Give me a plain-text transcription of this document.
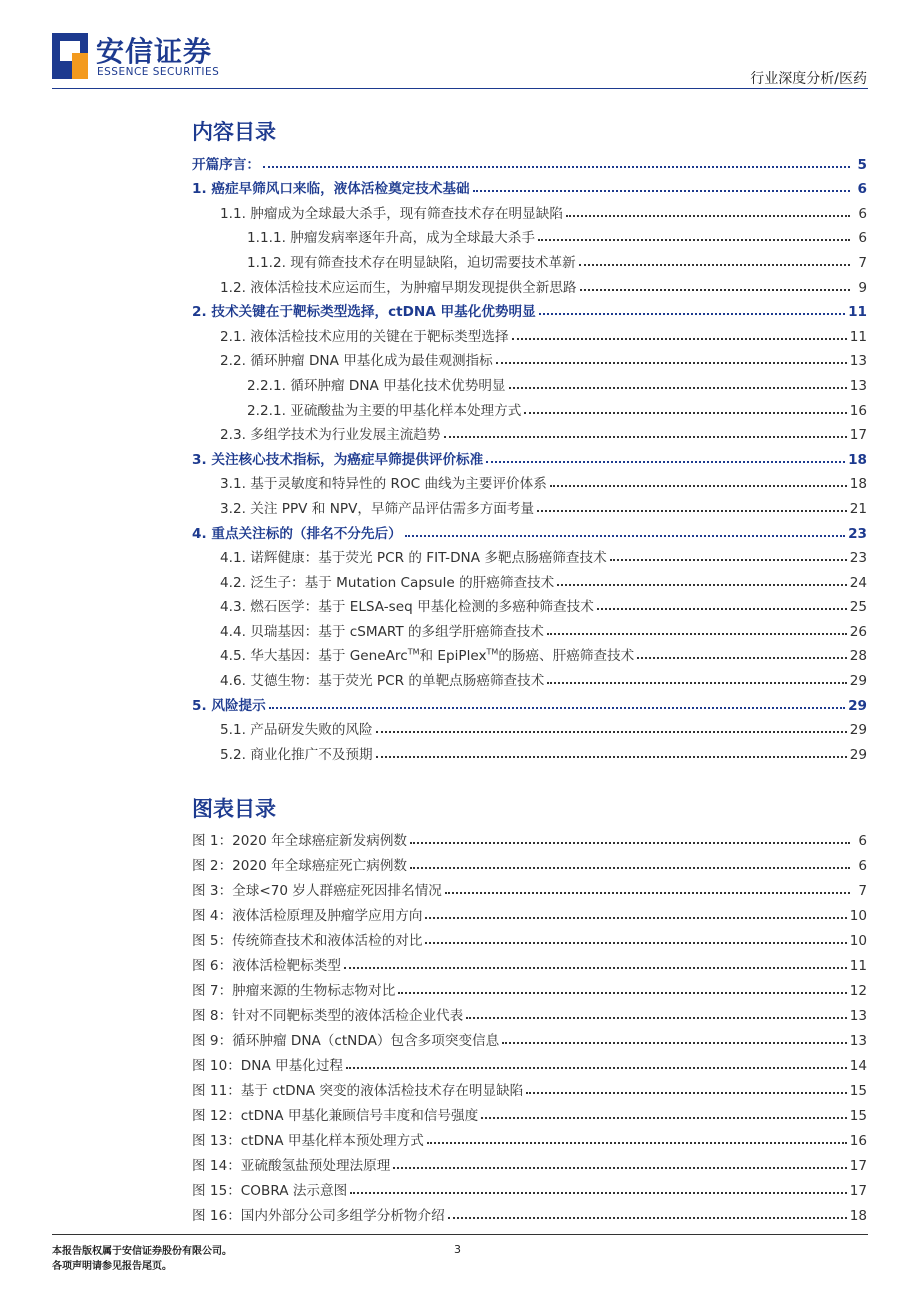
安信证券
ESSENCE SECURITIES	行业深度分析/医药
内容目录
开篇序言：	5
1. 癌症早筛风口来临，液体活检奠定技术基础	6
1.1. 肿瘤成为全球最大杀手，现有筛查技术存在明显缺陷	6
1.1.1. 肿瘤发病率逐年升高，成为全球最大杀手	6
1.1.2. 现有筛查技术存在明显缺陷，迫切需要技术革新	7
1.2. 液体活检技术应运而生，为肿瘤早期发现提供全新思路	9
2. 技术关键在于靶标类型选择，ctDNA 甲基化优势明显	11
2.1. 液体活检技术应用的关键在于靶标类型选择	11
2.2. 循环肿瘤 DNA 甲基化成为最佳观测指标	13
2.2.1. 循环肿瘤 DNA 甲基化技术优势明显	13
2.2.1. 亚硫酸盐为主要的甲基化样本处理方式	16
2.3. 多组学技术为行业发展主流趋势	17
3. 关注核心技术指标，为癌症早筛提供评价标准	18
3.1. 基于灵敏度和特异性的 ROC 曲线为主要评价体系	18
3.2. 关注 PPV 和 NPV，早筛产品评估需多方面考量	21
4. 重点关注标的（排名不分先后）	23
4.1. 诺辉健康：基于荧光 PCR 的 FIT-DNA 多靶点肠癌筛查技术	23
4.2. 泛生子：基于 Mutation Capsule 的肝癌筛查技术	24
4.3. 燃石医学：基于 ELSA-seq 甲基化检测的多癌种筛查技术	25
4.4. 贝瑞基因：基于 cSMART 的多组学肝癌筛查技术	26
4.5. 华大基因：基于 GeneArc™和 EpiPlex™的肠癌、肝癌筛查技术	28
4.6. 艾德生物：基于荧光 PCR 的单靶点肠癌筛查技术	29
5. 风险提示	29
5.1. 产品研发失败的风险	29
5.2. 商业化推广不及预期	29
图表目录
图 1：2020 年全球癌症新发病例数	6
图 2：2020 年全球癌症死亡病例数	6
图 3：全球<70 岁人群癌症死因排名情况	7
图 4：液体活检原理及肿瘤学应用方向	10
图 5：传统筛查技术和液体活检的对比	10
图 6：液体活检靶标类型	11
图 7：肿瘤来源的生物标志物对比	12
图 8：针对不同靶标类型的液体活检企业代表	13
图 9：循环肿瘤 DNA（ctNDA）包含多项突变信息	13
图 10：DNA 甲基化过程	14
图 11：基于 ctDNA 突变的液体活检技术存在明显缺陷	15
图 12：ctDNA 甲基化兼顾信号丰度和信号强度	15
图 13：ctDNA 甲基化样本预处理方式	16
图 14：亚硫酸氢盐预处理法原理	17
图 15：COBRA 法示意图	17
图 16：国内外部分公司多组学分析物介绍	18
本报告版权属于安信证券股份有限公司。
各项声明请参见报告尾页。
3
